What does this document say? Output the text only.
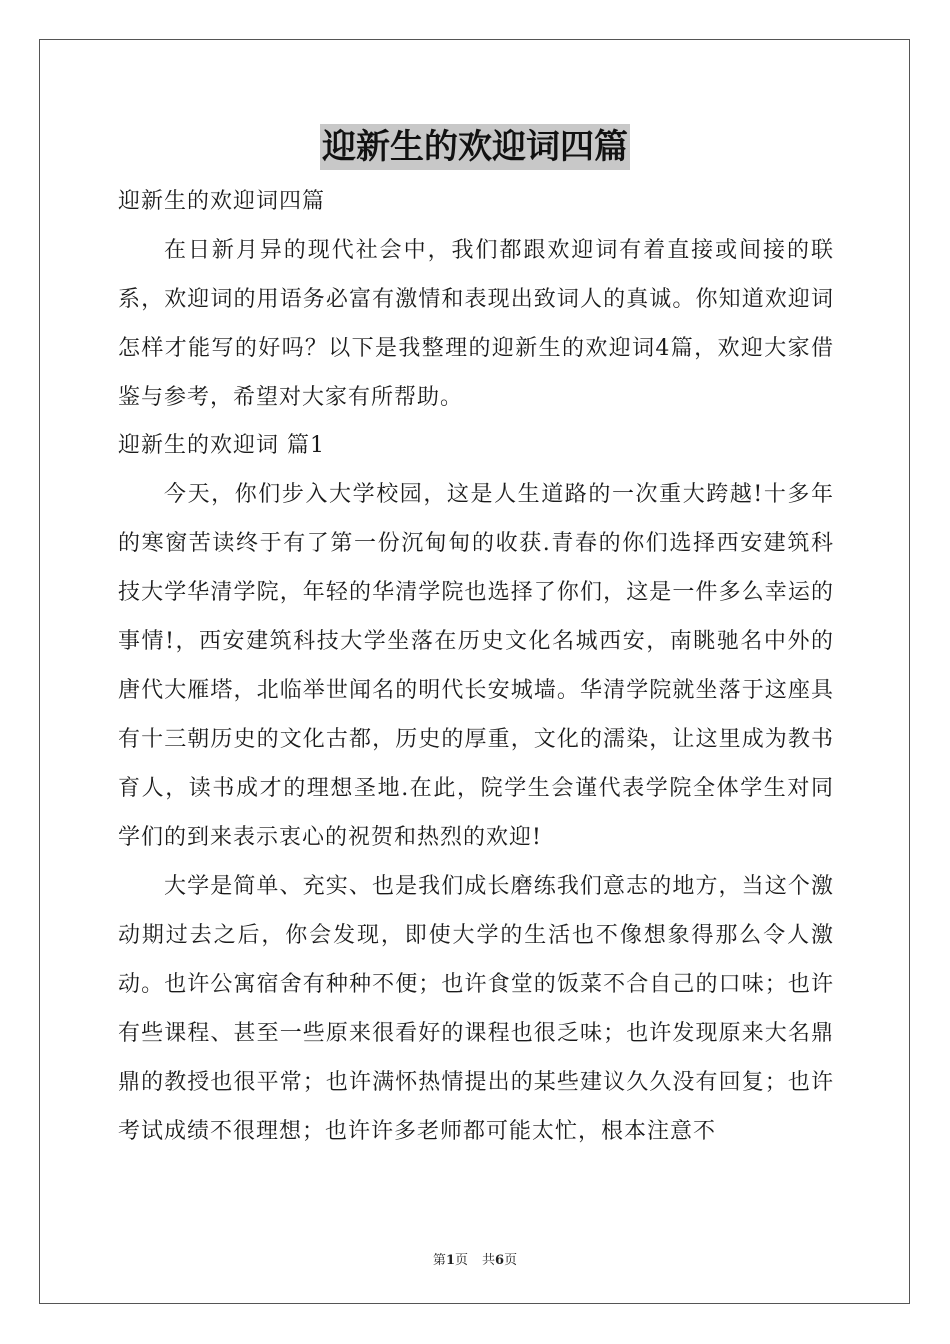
迎新生的欢迎词四篇

迎新生的欢迎词四篇

在日新月异的现代社会中，我们都跟欢迎词有着直接或间接的联系，欢迎词的用语务必富有激情和表现出致词人的真诚。你知道欢迎词怎样才能写的好吗？以下是我整理的迎新生的欢迎词4篇，欢迎大家借鉴与参考，希望对大家有所帮助。

迎新生的欢迎词 篇1

今天，你们步入大学校园，这是人生道路的一次重大跨越!十多年的寒窗苦读终于有了第一份沉甸甸的收获.青春的你们选择西安建筑科技大学华清学院，年轻的华清学院也选择了你们，这是一件多么幸运的事情!，西安建筑科技大学坐落在历史文化名城西安，南眺驰名中外的唐代大雁塔，北临举世闻名的明代长安城墙。华清学院就坐落于这座具有十三朝历史的文化古都，历史的厚重，文化的濡染，让这里成为教书育人，读书成才的理想圣地.在此，院学生会谨代表学院全体学生对同学们的到来表示衷心的祝贺和热烈的欢迎!

大学是简单、充实、也是我们成长磨练我们意志的地方，当这个激动期过去之后，你会发现，即使大学的生活也不像想象得那么令人激动。也许公寓宿舍有种种不便；也许食堂的饭菜不合自己的口味；也许有些课程、甚至一些原来很看好的课程也很乏味；也许发现原来大名鼎鼎的教授也很平常；也许满怀热情提出的某些建议久久没有回复；也许考试成绩不很理想；也许许多老师都可能太忙，根本注意不

第1页 共6页
